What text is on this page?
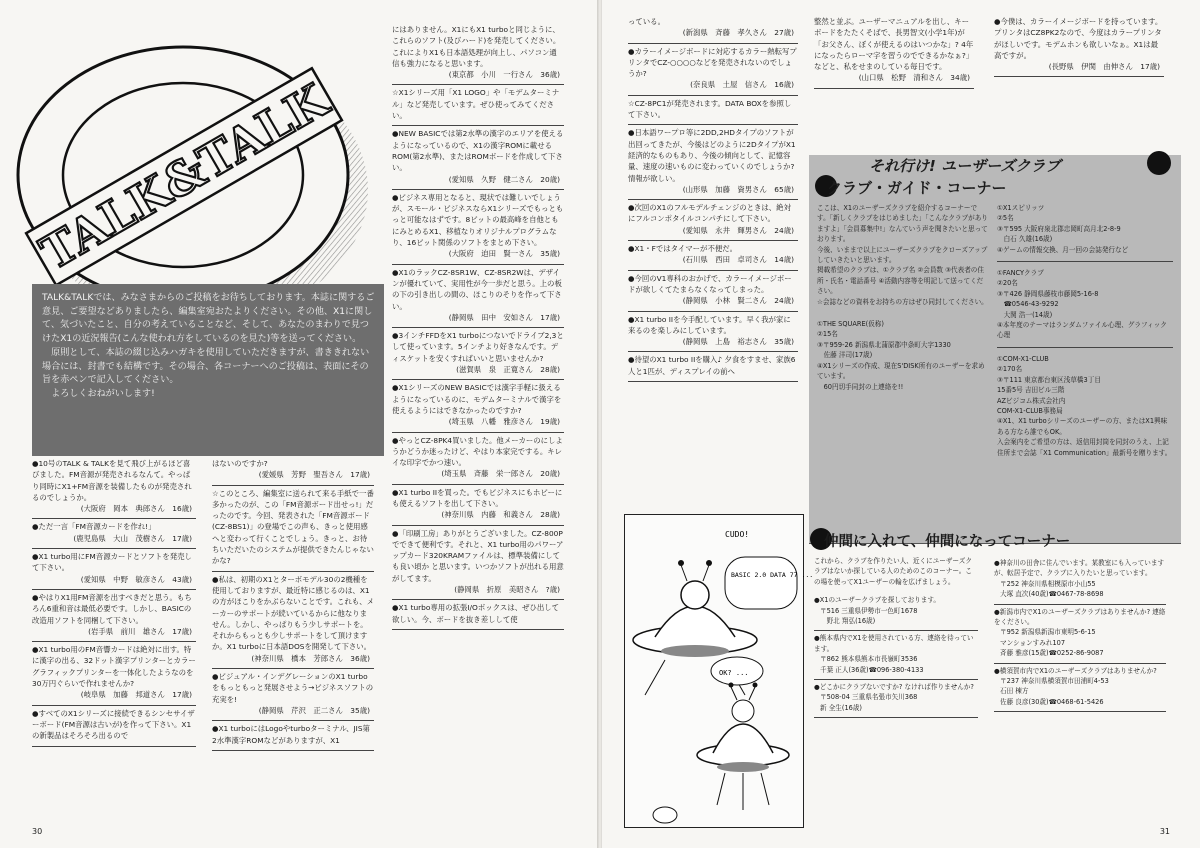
TALK&TALK

TALK&TALKでは、みなさまからのご投稿をお待ちしております。本誌に関するご意見、ご要望などありましたら、編集室宛おたよりください。その他、X1に関して、気づいたこと、自分の考えていることなど、そして、あなたのまわりで見つけたX1の近況報告(こんな使われ方をしているのを見た)等を送ってください。
　原則として、本誌の綴じ込みハガキを使用していただきますが、書ききれない場合には、封書でも結構です。その場合、各コーナーへのご投稿は、表面にその旨を赤ペンで記入してください。
　よろしくおねがいします!

●10号のTALK & TALKを見て飛び上がるほど喜びました。FM音源が発売されるなんて。やっぱり同時にX1+FM音源を装備したものが発売されるのでしょうか。

(大阪府　岡本　典郎さん　16歳)

●ただ一言「FM音源カードを作れ!」

(鹿児島県　大山　茂樹さん　17歳)

●X1 turbo用にFM音源カードとソフトを発売して下さい。

(愛知県　中野　敏彦さん　43歳)

●やはりX1用FM音源を出すべきだと思う。もちろん6重和音は最低必要です。しかし、BASICの改造用ソフトを同梱して下さい。

(岩手県　前川　雄さん　17歳)

●X1 turbo用のFM音響カードは絶対に出す。特に漢字の出る、32ドット漢字プリンターとカラーグラフィックプリンターを一体化したようなのを30万円ぐらいで作れませんか?

(岐阜県　加藤　邦道さん　17歳)

●すべてのX1シリーズに接続できるシンセサイザーボード(FM音源は古いが)を作って下さい。X1の新製品はそろそろ出るので

はないのですか?

(愛媛県　芳野　聖吾さん　17歳)

☆このところ、編集室に送られて来る手紙で一番多かったのが、この「FM音源ボード出せっ!」だったのです。今回、発表された「FM音源ボード(CZ-8BS1)」の登場でこの声も、きっと使用感へと変わって行くことでしょう。きっと、お待ちいただいたのシステムが提供できたんじゃないかな?

●私は、初期のX1とターボモデル30の2機種を使用しておりますが、最近特に感じるのは、X1の方がほこりをかぶらないことです。これも、メーカーのサポートが続いているからに他なりません。しかし、やっぱりもう少しサポートを。それからもっとも少しサポートをして頂けますか。X1 turboに日本語DOSを開発して下さい。

(神奈川県　橋本　芳郎さん　36歳)

●ビジュアル・インデグレーションのX1 turboをもっともっと発展させよう→ビジネスソフトの充実を!

(静岡県　芹沢　正二さん　35歳)

●X1 turboにはLogoやturboターミナル、JIS第2水準漢字ROMなどがありますが、X1

にはありません。X1にもX1 turboと同じように、これらのソフト(及びハード)を発売してください。これによりX1も日本語処理が向上し、パソコン通信も強力になると思います。

(東京都　小川　一行さん　36歳)

☆X1シリーズ用「X1 LOGO」や「モデムターミナル」など発売しています。ぜひ使ってみてください。

●NEW BASICでは第2水準の漢字のエリアを使えるようになっているので、X1の漢字ROMに載せる ROM(第2水準)、またはROMボードを作成して下さい。

(愛知県　久野　健二さん　20歳)

●ビジネス専用となると、現状では難しいでしょうが、スモール・ビジネスならX1シリーズでもっともっと可能なはずです。8ビットの最高峰を自他ともにみとめるX1、移植なりオリジナルプログラムなり、16ビット関係のソフトをまとめ下さい。

(大阪府　迫田　賢一さん　35歳)

●X1のラックCZ-8SR1W、CZ-8SR2Wは、デザインが優れていて、実用性が今一歩だと思う。上の板の下の引き出しの間の、ほこりのそりを作って下さい。

(静岡県　田中　安如さん　17歳)

●3インチFFDをX1 turboにつないでドライブ2,3として使っています。5インチより好きなんです。ディスケットを安くすればいいと思いませんか?

(滋賀県　泉　正寛さん　28歳)

●X1シリーズのNEW BASICでは漢字手軽に扱えるようになっているのに、モデムターミナルで漢字を使えるようにはできなかったのですか?

(埼玉県　八幡　雅彦さん　19歳)

●やっとCZ-8PK4買いました。他メーカーのにしようかどうか迷ったけど、やはり本家完でする。キレイな印字でかつ速い。

(埼玉県　斉藤　栄一郎さん　20歳)

●X1 turbo IIを買った。でもビジネスにもホビーにも使えるソフトを出して下さい。

(神奈川県　内藤　和義さん　28歳)

●「印刷工房」ありがとうございました。CZ-800Pでできて便利です。それと、X1 turbo用のパワーアップカード320KRAMファイルは、標準装備にしても良い頃か と思います。いつかソフトが出れる用意がしてます。

(静岡県　折原　美昭さん　?歳)

●X1 turbo専用の拡張I/Oボックスは、ぜひ出して欲しい。今、ボードを抜き差しして使

30

っている。

(新潟県　斉藤　孝久さん　27歳)

●カラーイメージボードに対応するカラー熱転写プリンタでCZ-○○○○などを発売されないのでしょうか?

(奈良県　土屋　信さん　16歳)

☆CZ-8PC1が発売されます。DATA BOXを参照して下さい。

●日本語ワープロ等に2DD,2HDタイプのソフトが出回ってきたが、今後はどのように2DタイプがX1経済的なものもあり、今後の傾向として、記憶容量、速度の速いものに変わっていくのでしょうか? 情報が欲しい。

(山形県　加藤　資男さん　65歳)

●次回のX1のフルモデルチェンジのときは、絶対にフルコンポタイルコンパチにして下さい。

(愛知県　永井　輝男さん　24歳)

●X1・Fではタイマーが不便だ。

(石川県　西田　卓司さん　14歳)

●今回のV1専科のおかげで、カラーイメージボードが欲しくてたまらなくなってしまった。

(静岡県　小林　賢二さん　24歳)

●X1 turbo IIを今手配しています。早く我が家に来るのを楽しみにしています。

(静岡県　上島　裕志さん　35歳)

●待望のX1 turbo IIを購入♪ 夕食をすませ、家族6人と1匹が、ディスプレイの前へ

整然と並ぶ。ユーザーマニュアルを出し、キーボードをたたくそばで、長男智文(小学1年)が「お父さん、ぼくが使えるのはいつかな」? 4年になったらローマ字を習うのでできるかなぁ?」などと、私をせまのしている毎日です。

(山口県　松野　清和さん　34歳)

●今僕は、カラーイメージボードを持っています。プリンタはCZ8PK2なので、今度はカラープリンタがほしいです。モデムホンも欲しいなぁ。X1は最高ですが。

(長野県　伊関　由伸さん　17歳)
CUDO!
BASIC 2.0 DATA 77 ...
OK? ...
それ行け! ユーザーズクラブ
クラブ・ガイド・コーナー

ここは、X1のユーザーズクラブを紹介するコーナーです。「新しくクラブをはじめました」「こんなクラブがありますよ」「会員募集中!」なんていう声を聞きたいと思っております。
今後、いままで以上にユーザーズクラブをクローズアップしていきたいと思います。
掲載希望のクラブは、①クラブ名 ②会員数 ③代表者の住所・氏名・電話番号 ④活動内容等を明記して送ってください。
☆会誌などの資料をお持ちの方はぜひ同封してください。

①THE SQUARE(仮称)
②15名
③〒959-26 新潟県北蒲原郡中条町大字1330
　佐藤 洋司(17歳)
④X1シリーズの作成、現在S'DISK所有のユーザーを求めています。
　60円切手同封の上連絡を!!
①X1スピリッツ
②5名
③〒595 大阪府泉北郡忠岡町高月北2-8-9
　白石 久雄(16歳)
④ゲームの情報交換、月一回の会誌発行など
①FANCYクラブ
②20名
③〒426 静岡県藤枝市藤岡5-16-8
　☎0546-43-9292
　大関 浩一(14歳)
④本年度のテーマはランダムファイル心理、グラフィック心理
①COM-X1-CLUB
②170名
③〒111 東京都台東区浅草橋3丁目
15番5号 吉田ビル三階
AZビジコム株式会社内
COM-X1-CLUB事務局
④X1、X1 turboシリーズのユーザーの方、またはX1興味ある方なら誰でもOK。
入会案内をご希望の方は、返信用封筒を同封のうえ、上記住所まで会誌「X1 Communication」最新号を贈ります。
仲間に入れて、仲間になってコーナー

これから、クラブを作りたい人、近くにユーザーズクラブはないか探している人のためのこのコーナー。この場を使ってX1ユーザーの輪を広げましょう。

●X1のユーザークラブを探しております。

〒516 三重県伊勢市一色町1678
　野北 翔弘(16歳)

●熊本県内でX1を使用されている方、連絡を待っています。

〒862 熊本県熊本市長嶺町3536
千葉 正人(36歳)☎096-380-4133

●どこかにクラブないですか? なければ作りませんか?

〒508-04 三重県名張市矢川368
新 全生(16歳)

●神奈川の田舎に住んでいます。某教室にも入っていますが、転居予定で、クラブに入りたいと思っています。

〒252 神奈川県相模原市小山55
大塚 直次(40歳)☎0467-78-8698

●新潟市内でX1のユーザーズクラブはありませんか? 連絡をください。

〒952 新潟県新潟市東明5-6-15
マンションすみれ107
斉藤 雅彦(15歳)☎0252-86-9087

●横須賀市内でX1のユーザーズクラブはありませんか?

〒237 神奈川県横須賀市田浦町4-53
石田 棟方
佐藤 良彦(30歳)☎0468-61-5426

31
